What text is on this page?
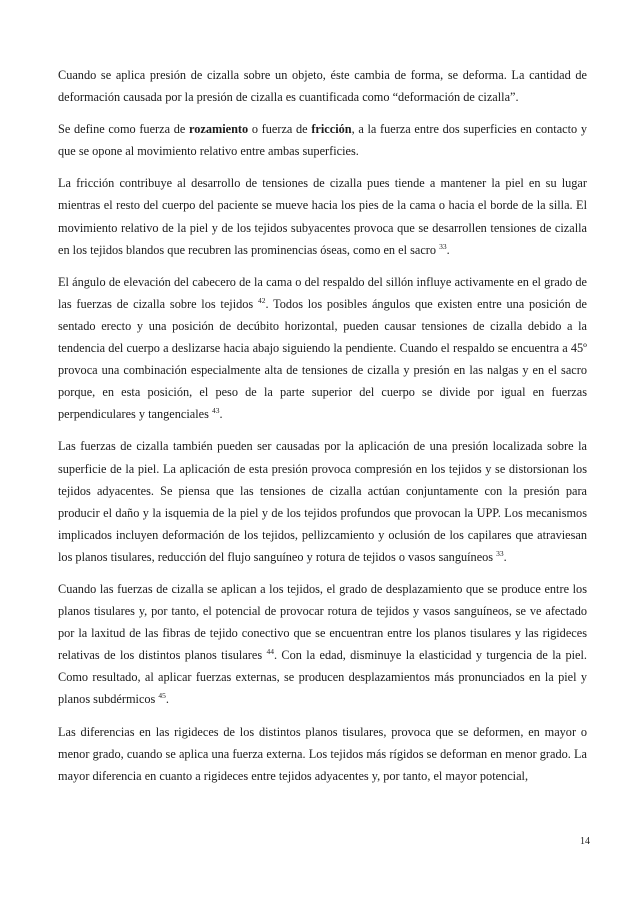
Cuando se aplica presión de cizalla sobre un objeto, éste cambia de forma, se deforma. La cantidad de deformación causada por la presión de cizalla es cuantificada como “deformación de cizalla”.

Se define como fuerza de rozamiento o fuerza de fricción, a la fuerza entre dos superficies en contacto y que se opone al movimiento relativo entre ambas superficies.

La fricción contribuye al desarrollo de tensiones de cizalla pues tiende a mantener la piel en su lugar mientras el resto del cuerpo del paciente se mueve hacia los pies de la cama o hacia el borde de la silla. El movimiento relativo de la piel y de los tejidos subyacentes provoca que se desarrollen tensiones de cizalla en los tejidos blandos que recubren las prominencias óseas, como en el sacro $^{33}$.

El ángulo de elevación del cabecero de la cama o del respaldo del sillón influye activamente en el grado de las fuerzas de cizalla sobre los tejidos $^{42}$. Todos los posibles ángulos que existen entre una posición de sentado erecto y una posición de decúbito horizontal, pueden causar tensiones de cizalla debido a la tendencia del cuerpo a deslizarse hacia abajo siguiendo la pendiente. Cuando el respaldo se encuentra a 45º provoca una combinación especialmente alta de tensiones de cizalla y presión en las nalgas y en el sacro porque, en esta posición, el peso de la parte superior del cuerpo se divide por igual en fuerzas perpendiculares y tangenciales $^{43}$.

Las fuerzas de cizalla también pueden ser causadas por la aplicación de una presión localizada sobre la superficie de la piel. La aplicación de esta presión provoca compresión en los tejidos y se distorsionan los tejidos adyacentes. Se piensa que las tensiones de cizalla actúan conjuntamente con la presión para producir el daño y la isquemia de la piel y de los tejidos profundos que provocan la UPP. Los mecanismos implicados incluyen deformación de los tejidos, pellizcamiento y oclusión de los capilares que atraviesan los planos tisulares, reducción del flujo sanguíneo y rotura de tejidos o vasos sanguíneos $^{33}$.

Cuando las fuerzas de cizalla se aplican a los tejidos, el grado de desplazamiento que se produce entre los planos tisulares y, por tanto, el potencial de provocar rotura de tejidos y vasos sanguíneos, se ve afectado por la laxitud de las fibras de tejido conectivo que se encuentran entre los planos tisulares y las rigideces relativas de los distintos planos tisulares $^{44}$. Con la edad, disminuye la elasticidad y turgencia de la piel. Como resultado, al aplicar fuerzas externas, se producen desplazamientos más pronunciados en la piel y planos subdérmicos $^{45}$.

Las diferencias en las rigideces de los distintos planos tisulares, provoca que se deformen, en mayor o menor grado, cuando se aplica una fuerza externa. Los tejidos más rígidos se deforman en menor grado. La mayor diferencia en cuanto a rigideces entre tejidos adyacentes y, por tanto, el mayor potencial,

14
